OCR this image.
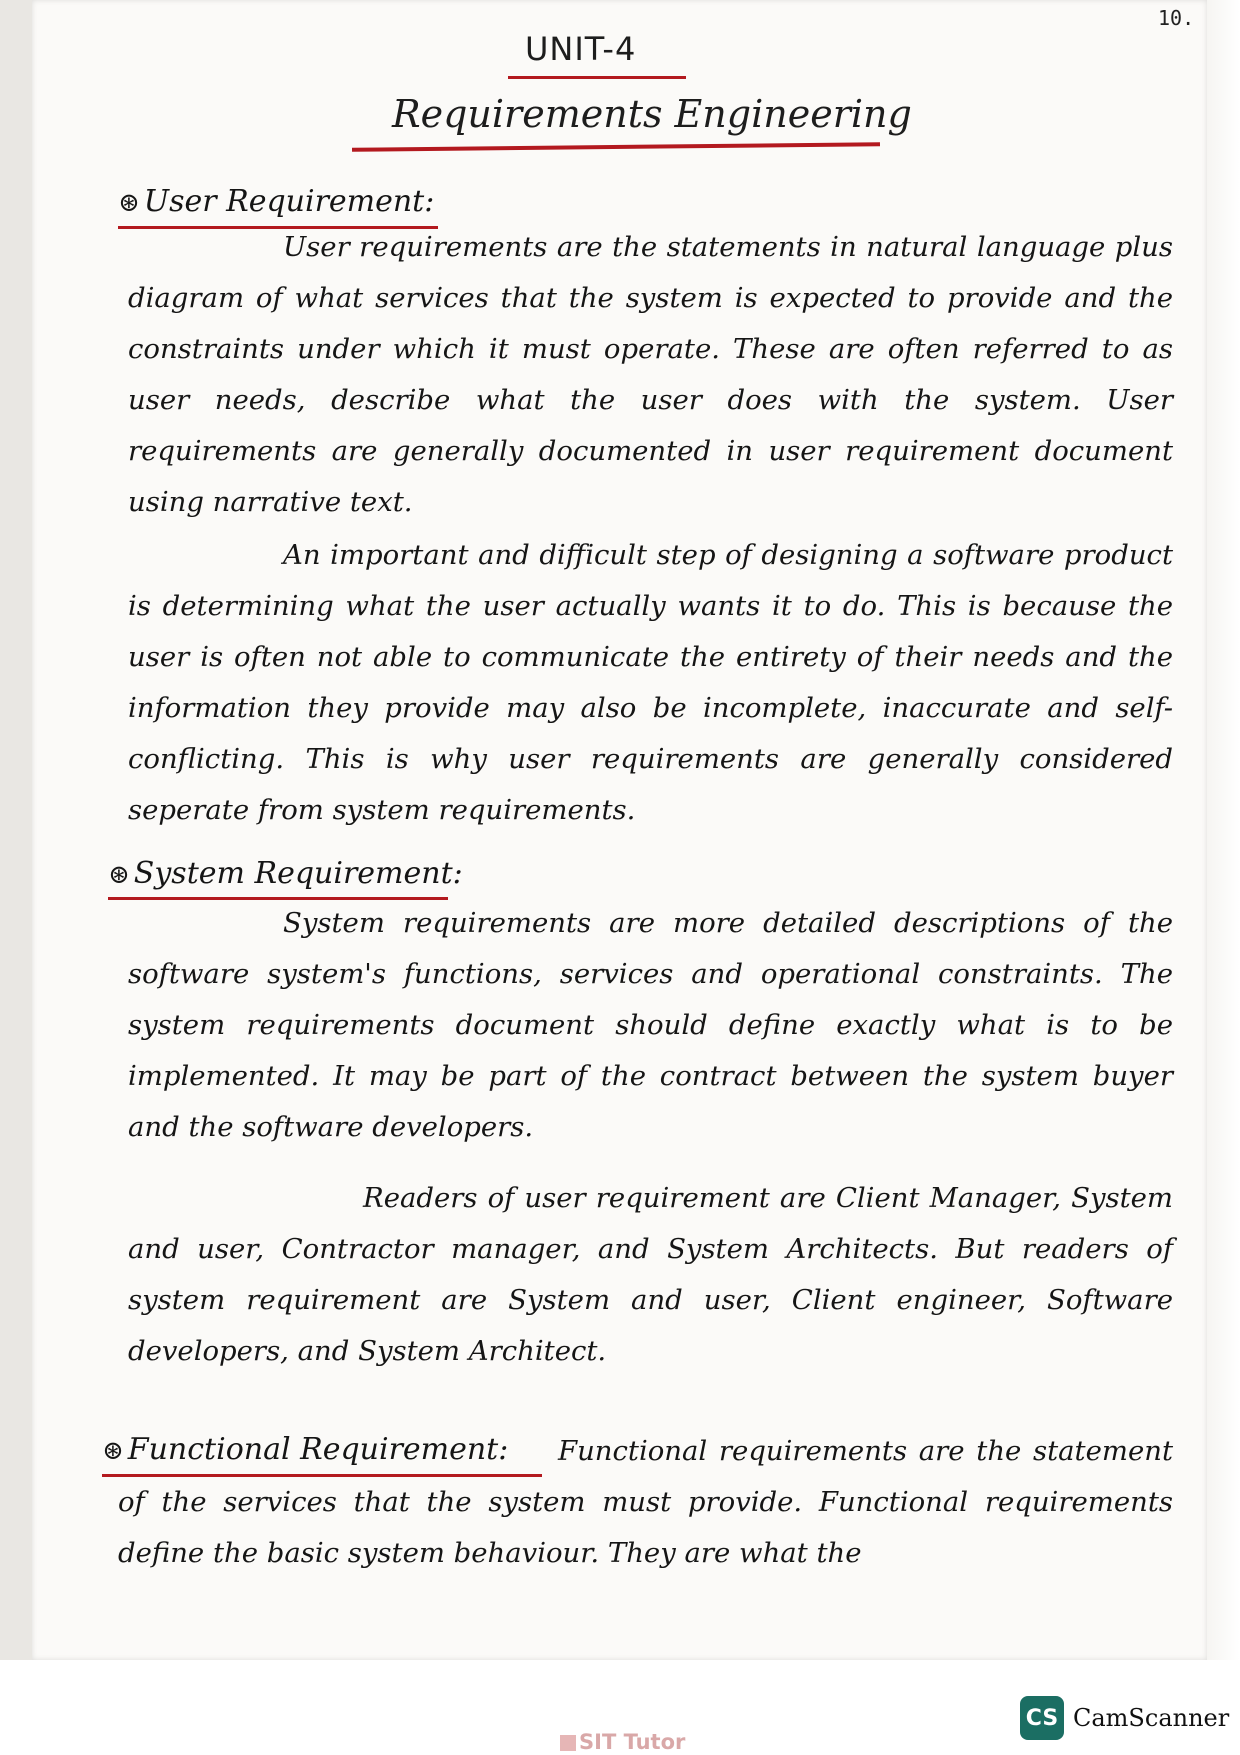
10.
UNIT-4
Requirements Engineering
⊛ User Requirement:

User requirements are the statements in natural language plus diagram of what services that the system is expected to provide and the constraints under which it must operate. These are often referred to as user needs, describe what the user does with the system. User requirements are generally documented in user requirement document using narrative text.

An important and difficult step of designing a software product is determining what the user actually wants it to do. This is because the user is often not able to communicate the entirety of their needs and the information they provide may also be incomplete, inaccurate and self-conflicting. This is why user requirements are generally considered seperate from system requirements.

⊛ System Requirement:

System requirements are more detailed descriptions of the software system's functions, services and operational constraints. The system requirements document should define exactly what is to be implemented. It may be part of the contract between the system buyer and the software developers.

Readers of user requirement are Client Manager, System and user, Contractor manager, and System Architects. But readers of system requirement are System and user, Client engineer, Software developers, and System Architect.

⊛ Functional Requirement:	Functional requirements are the statement of the services that the system must provide. Functional requirements define the basic system behaviour. They are what the

CS CamScanner
SIT Tutor
